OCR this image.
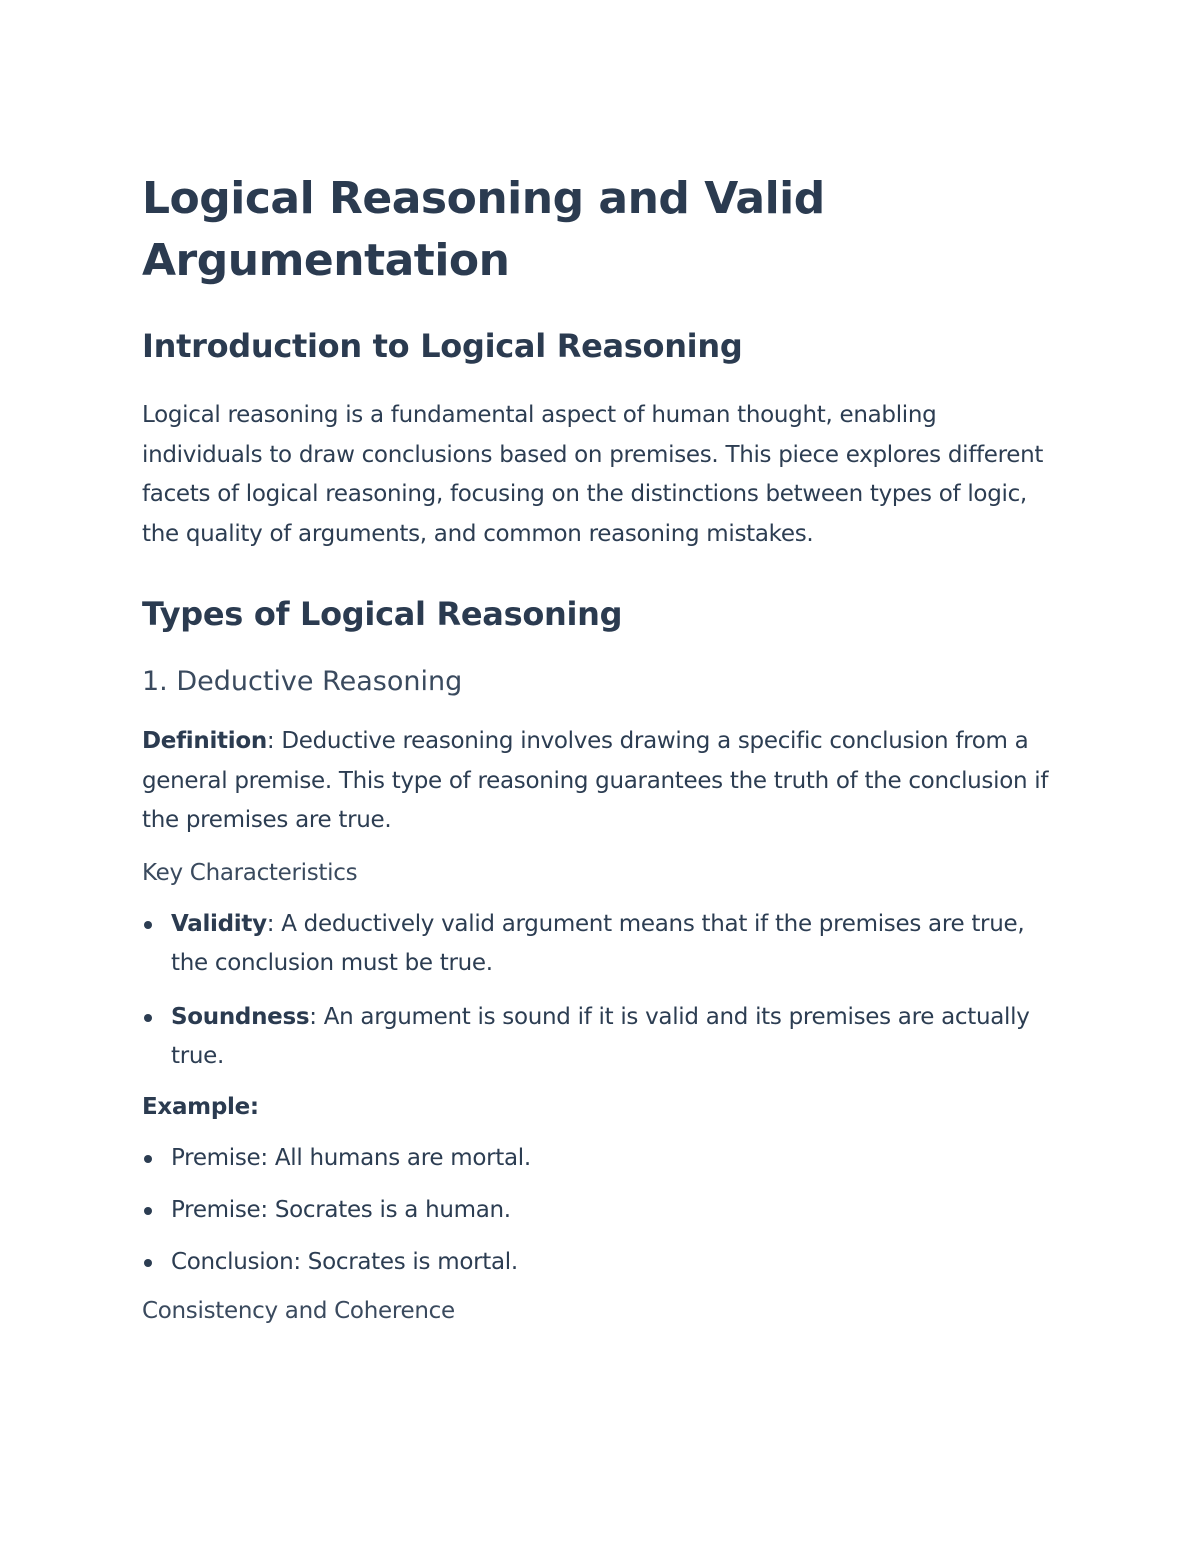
Logical Reasoning and Valid Argumentation
Introduction to Logical Reasoning

Logical reasoning is a fundamental aspect of human thought, enabling individuals to draw conclusions based on premises. This piece explores different facets of logical reasoning, focusing on the distinctions between types of logic, the quality of arguments, and common reasoning mistakes.

Types of Logical Reasoning
1. Deductive Reasoning

Definition: Deductive reasoning involves drawing a specific conclusion from a general premise. This type of reasoning guarantees the truth of the conclusion if the premises are true.

Key Characteristics
Validity: A deductively valid argument means that if the premises are true, the conclusion must be true.
Soundness: An argument is sound if it is valid and its premises are actually true.
Example:
Premise: All humans are mortal.
Premise: Socrates is a human.
Conclusion: Socrates is mortal.
Consistency and Coherence
